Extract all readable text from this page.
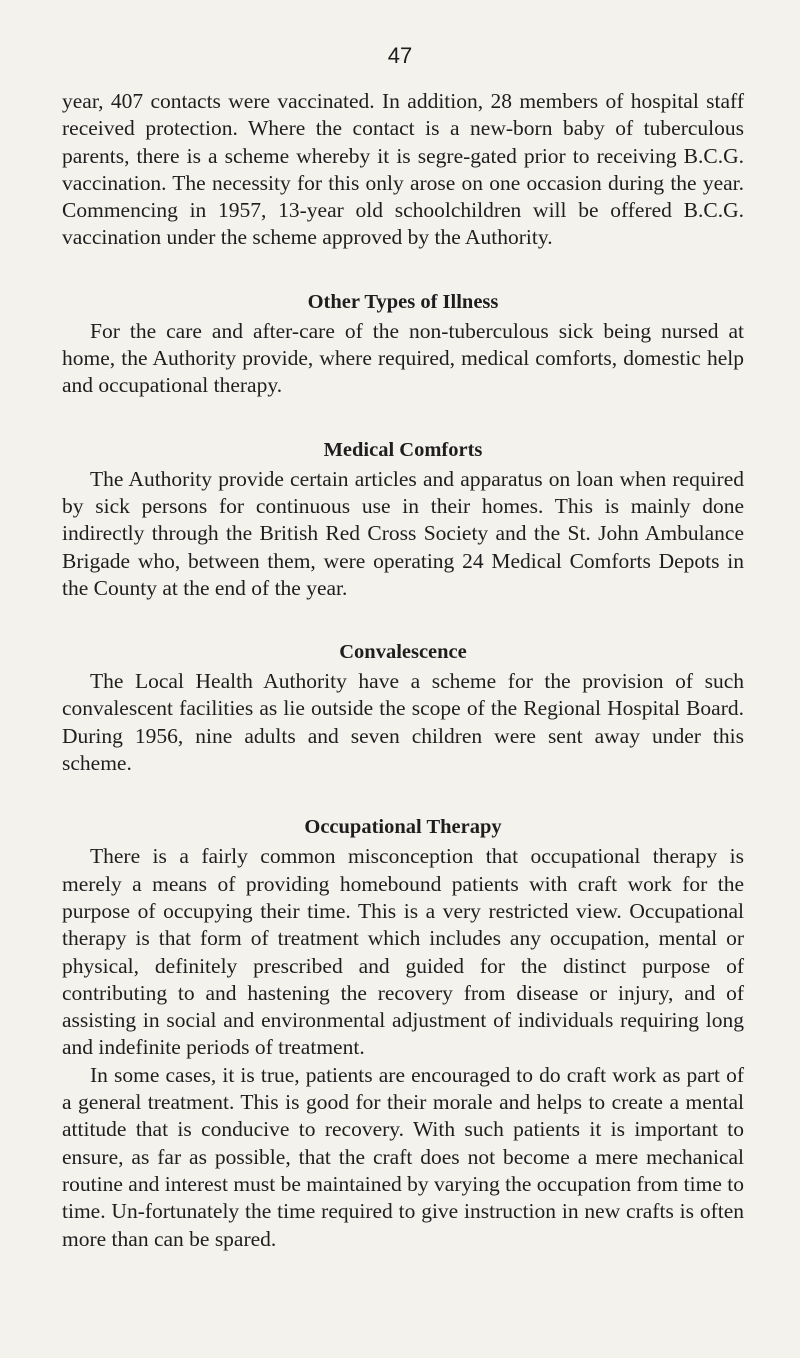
47

year, 407 contacts were vaccinated. In addition, 28 members of hospital staff received protection. Where the contact is a new-born baby of tuberculous parents, there is a scheme whereby it is segre-gated prior to receiving B.C.G. vaccination. The necessity for this only arose on one occasion during the year. Commencing in 1957, 13-year old schoolchildren will be offered B.C.G. vaccination under the scheme approved by the Authority.

Other Types of Illness

For the care and after-care of the non-tuberculous sick being nursed at home, the Authority provide, where required, medical comforts, domestic help and occupational therapy.

Medical Comforts

The Authority provide certain articles and apparatus on loan when required by sick persons for continuous use in their homes. This is mainly done indirectly through the British Red Cross Society and the St. John Ambulance Brigade who, between them, were operating 24 Medical Comforts Depots in the County at the end of the year.

Convalescence

The Local Health Authority have a scheme for the provision of such convalescent facilities as lie outside the scope of the Regional Hospital Board. During 1956, nine adults and seven children were sent away under this scheme.

Occupational Therapy

There is a fairly common misconception that occupational therapy is merely a means of providing homebound patients with craft work for the purpose of occupying their time. This is a very restricted view. Occupational therapy is that form of treatment which includes any occupation, mental or physical, definitely prescribed and guided for the distinct purpose of contributing to and hastening the recovery from disease or injury, and of assisting in social and environmental adjustment of individuals requiring long and indefinite periods of treatment.

In some cases, it is true, patients are encouraged to do craft work as part of a general treatment. This is good for their morale and helps to create a mental attitude that is conducive to recovery. With such patients it is important to ensure, as far as possible, that the craft does not become a mere mechanical routine and interest must be maintained by varying the occupation from time to time. Un-fortunately the time required to give instruction in new crafts is often more than can be spared.
